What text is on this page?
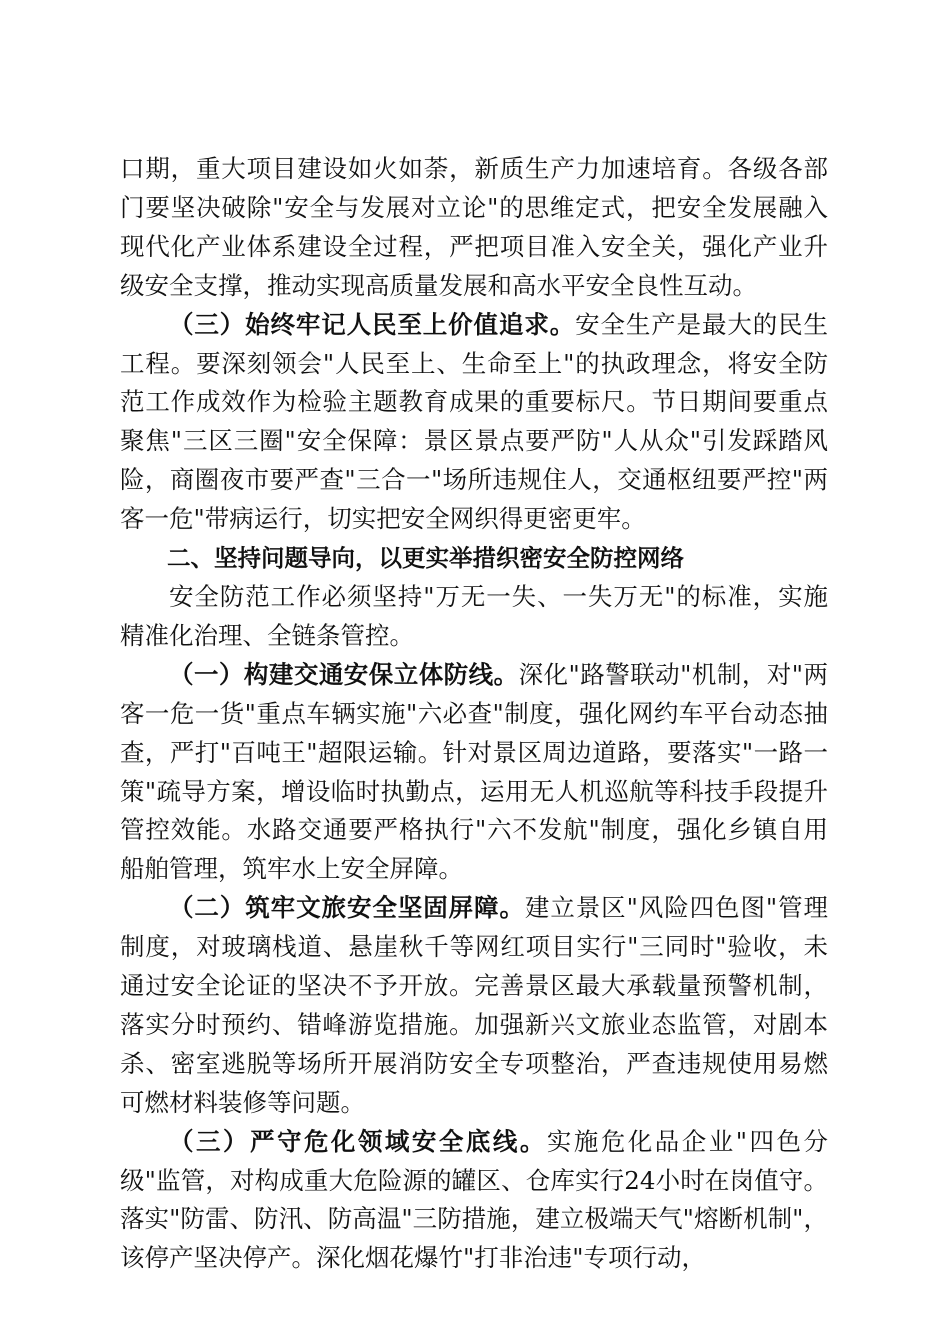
口期，重大项目建设如火如荼，新质生产力加速培育。各级各部门要坚决破除"安全与发展对立论"的思维定式，把安全发展融入现代化产业体系建设全过程，严把项目准入安全关，强化产业升级安全支撑，推动实现高质量发展和高水平安全良性互动。

（三）始终牢记人民至上价值追求。安全生产是最大的民生工程。要深刻领会"人民至上、生命至上"的执政理念，将安全防范工作成效作为检验主题教育成果的重要标尺。节日期间要重点聚焦"三区三圈"安全保障：景区景点要严防"人从众"引发踩踏风险，商圈夜市要严查"三合一"场所违规住人，交通枢纽要严控"两客一危"带病运行，切实把安全网织得更密更牢。

二、坚持问题导向，以更实举措织密安全防控网络

安全防范工作必须坚持"万无一失、一失万无"的标准，实施精准化治理、全链条管控。

（一）构建交通安保立体防线。深化"路警联动"机制，对"两客一危一货"重点车辆实施"六必查"制度，强化网约车平台动态抽查，严打"百吨王"超限运输。针对景区周边道路，要落实"一路一策"疏导方案，增设临时执勤点，运用无人机巡航等科技手段提升管控效能。水路交通要严格执行"六不发航"制度，强化乡镇自用船舶管理，筑牢水上安全屏障。

（二）筑牢文旅安全坚固屏障。建立景区"风险四色图"管理制度，对玻璃栈道、悬崖秋千等网红项目实行"三同时"验收，未通过安全论证的坚决不予开放。完善景区最大承载量预警机制，落实分时预约、错峰游览措施。加强新兴文旅业态监管，对剧本杀、密室逃脱等场所开展消防安全专项整治，严查违规使用易燃可燃材料装修等问题。

（三）严守危化领域安全底线。实施危化品企业"四色分级"监管，对构成重大危险源的罐区、仓库实行24小时在岗值守。落实"防雷、防汛、防高温"三防措施，建立极端天气"熔断机制"，该停产坚决停产。深化烟花爆竹"打非治违"专项行动，
